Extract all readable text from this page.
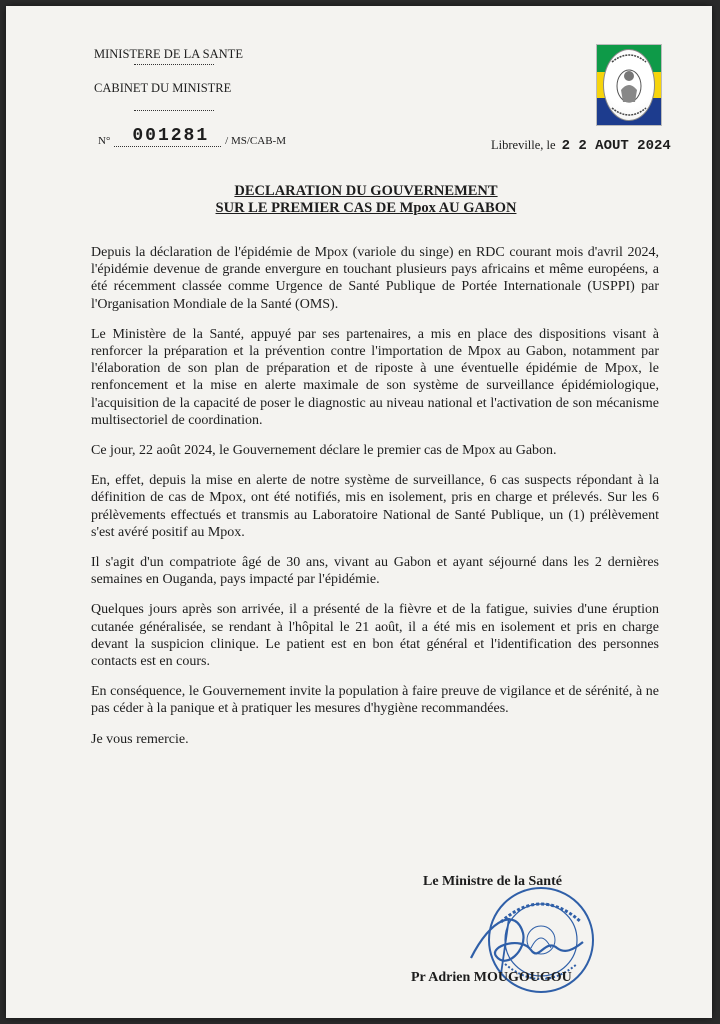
MINISTERE DE LA SANTE
CABINET DU MINISTRE
N°	001281	/ MS/CAB-M	Libreville, le 2 2 AOUT 2024
DECLARATION DU GOUVERNEMENT
SUR LE PREMIER CAS DE Mpox AU GABON

Depuis la déclaration de l'épidémie de Mpox (variole du singe) en RDC courant mois d'avril 2024, l'épidémie devenue de grande envergure en touchant plusieurs pays africains et même européens, a été récemment classée comme Urgence de Santé Publique de Portée Internationale (USPPI) par l'Organisation Mondiale de la Santé (OMS).

Le Ministère de la Santé, appuyé par ses partenaires, a mis en place des dispositions visant à renforcer la préparation et la prévention contre l'importation de Mpox au Gabon, notamment par l'élaboration de son plan de préparation et de riposte à une éventuelle épidémie de Mpox, le renfoncement et la mise en alerte maximale de son système de surveillance épidémiologique, l'acquisition de la capacité de poser le diagnostic au niveau national et l'activation de son mécanisme multisectoriel de coordination.

Ce jour, 22 août 2024, le Gouvernement déclare le premier cas de Mpox au Gabon.

En, effet, depuis la mise en alerte de notre système de surveillance, 6 cas suspects répondant à la définition de cas de Mpox, ont été notifiés, mis en isolement, pris en charge et prélevés. Sur les 6 prélèvements effectués et transmis au Laboratoire National de Santé Publique, un (1) prélèvement s'est avéré positif au Mpox.

Il s'agit d'un compatriote âgé de 30 ans, vivant au Gabon et ayant séjourné dans les 2 dernières semaines en Ouganda, pays impacté par l'épidémie.

Quelques jours après son arrivée, il a présenté de la fièvre et de la fatigue, suivies d'une éruption cutanée généralisée, se rendant à l'hôpital le 21 août, il a été mis en isolement et pris en charge devant la suspicion clinique. Le patient est en bon état général et l'identification des personnes contacts est en cours.

En conséquence, le Gouvernement invite la population à faire preuve de vigilance et de sérénité, à ne pas céder à la panique et à pratiquer les mesures d'hygiène recommandées.

Je vous remercie.

Le Ministre de la Santé
Pr Adrien MOUGOUGOU
